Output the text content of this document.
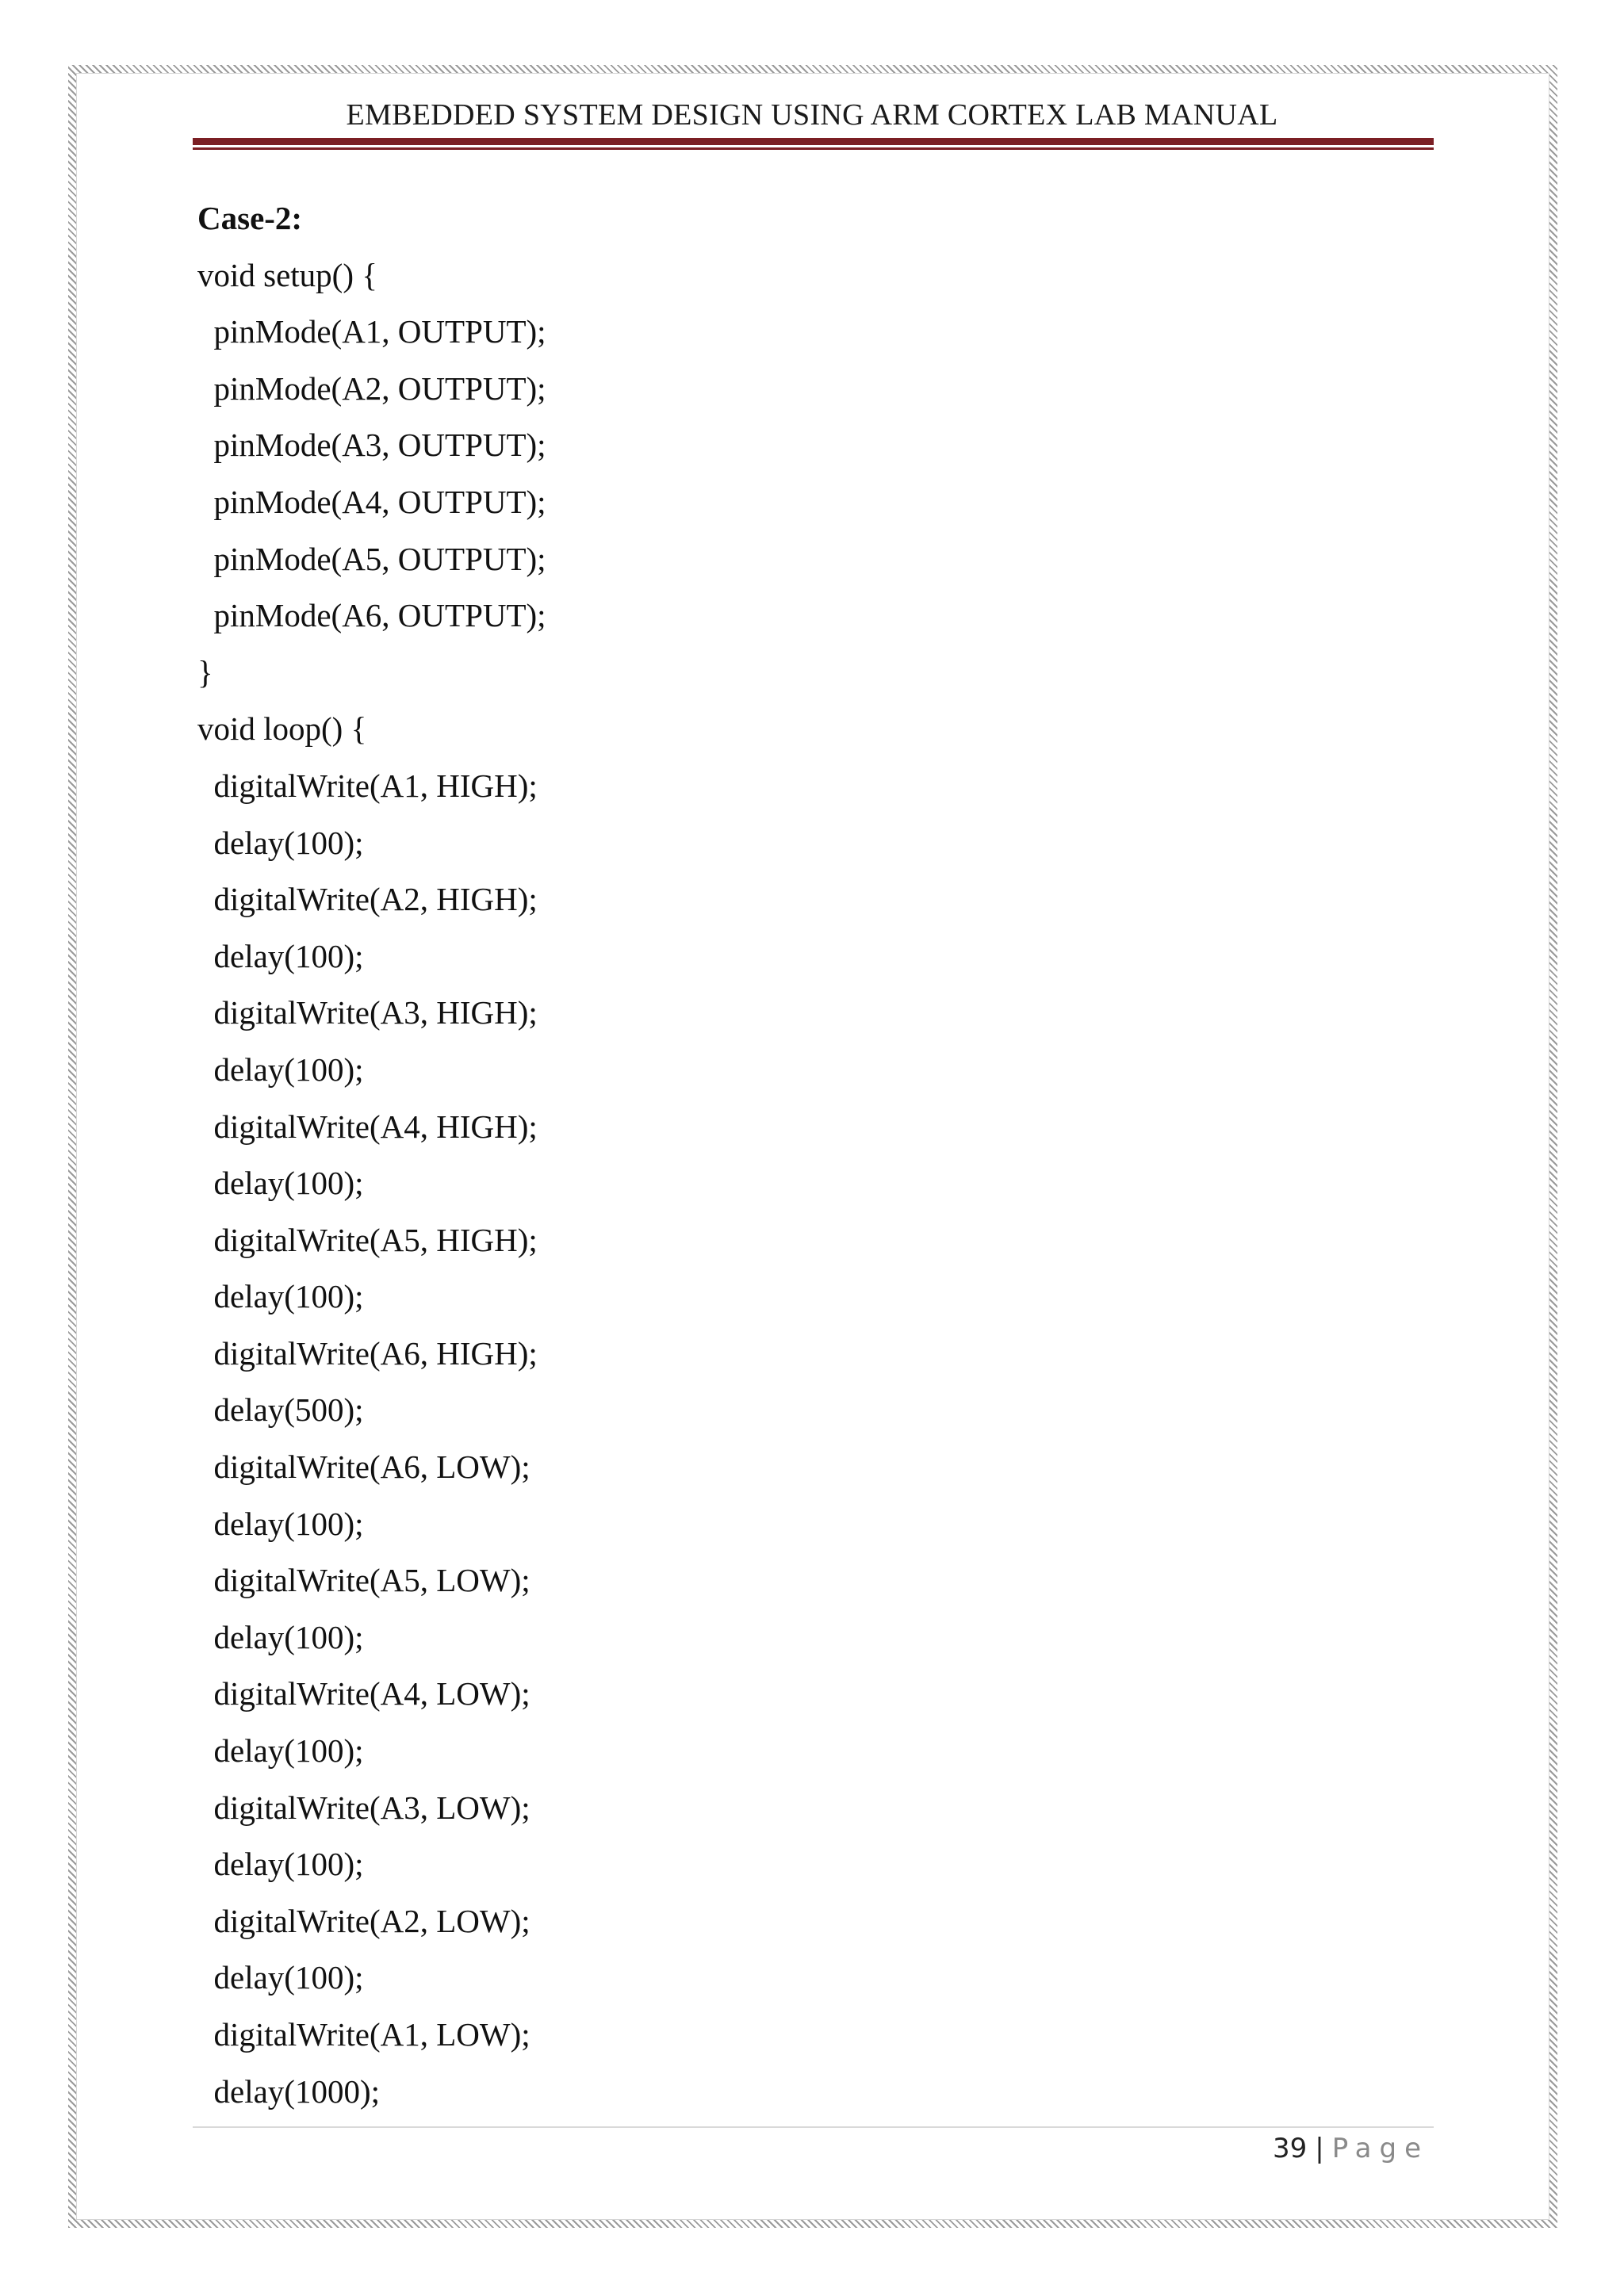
EMBEDDED SYSTEM DESIGN USING ARM CORTEX LAB MANUAL

Case-2:

void setup() {

pinMode(A1, OUTPUT);

pinMode(A2, OUTPUT);

pinMode(A3, OUTPUT);

pinMode(A4, OUTPUT);

pinMode(A5, OUTPUT);

pinMode(A6, OUTPUT);

}

void loop() {

digitalWrite(A1, HIGH);

delay(100);

digitalWrite(A2, HIGH);

delay(100);

digitalWrite(A3, HIGH);

delay(100);

digitalWrite(A4, HIGH);

delay(100);

digitalWrite(A5, HIGH);

delay(100);

digitalWrite(A6, HIGH);

delay(500);

digitalWrite(A6, LOW);

delay(100);

digitalWrite(A5, LOW);

delay(100);

digitalWrite(A4, LOW);

delay(100);

digitalWrite(A3, LOW);

delay(100);

digitalWrite(A2, LOW);

delay(100);

digitalWrite(A1, LOW);

delay(1000);

39 | Page
